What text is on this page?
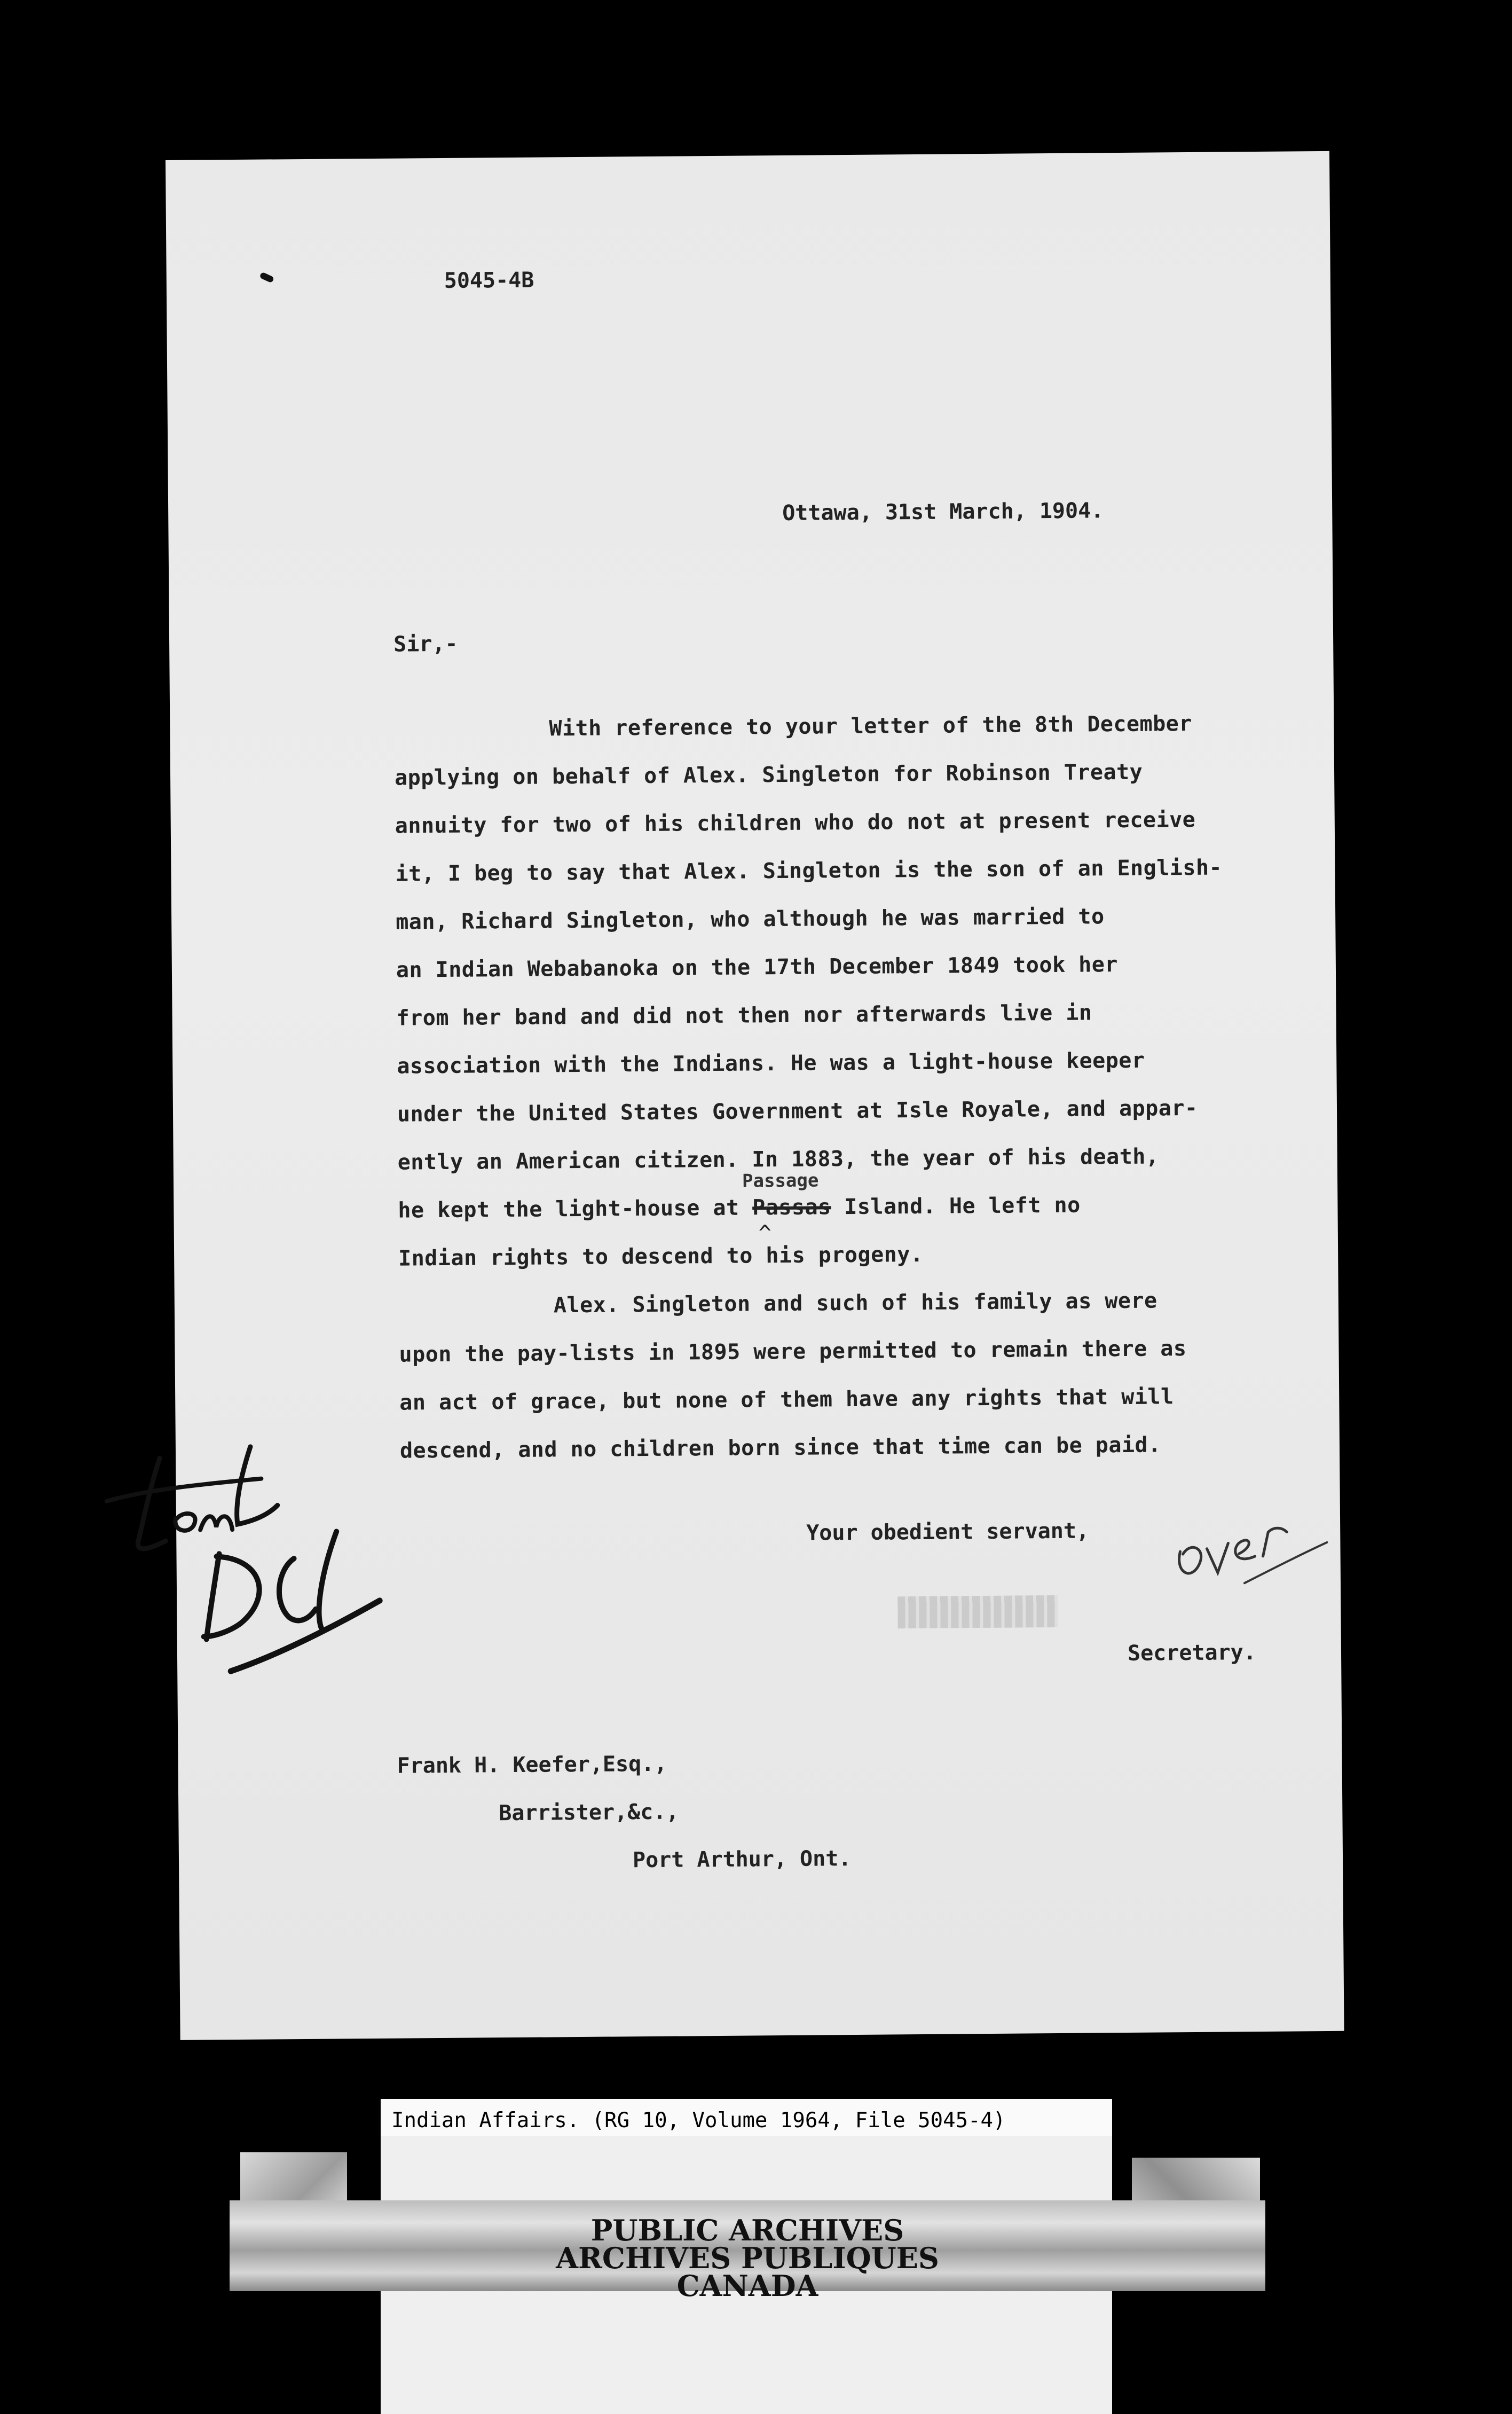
5045-4B
Ottawa, 31st March, 1904.
Sir,-
With reference to your letter of the 8th December
applying on behalf of Alex. Singleton for Robinson Treaty
annuity for two of his children who do not at present receive
it, I beg to say that Alex. Singleton is the son of an English-
man, Richard Singleton, who although he was married to
an Indian Webabanoka on the 17th December 1849 took her
from her band and did not then nor afterwards live in
association with the Indians. He was a light-house keeper
under the United States Government at Isle Royale, and appar-
ently an American citizen. In 1883, the year of his death,
Passage
he kept the light-house at Passas Island. He left no
^
Indian rights to descend to his progeny.
Alex. Singleton and such of his family as were
upon the pay-lists in 1895 were permitted to remain there as
an act of grace, but none of them have any rights that will
descend, and no children born since that time can be paid.
Your obedient servant,
Secretary.
Frank H. Keefer,Esq.,
Barrister,&c.,
Port Arthur, Ont.
Indian Affairs. (RG 10, Volume 1964, File 5045-4)
PUBLIC ARCHIVES
ARCHIVES PUBLIQUES
CANADA
